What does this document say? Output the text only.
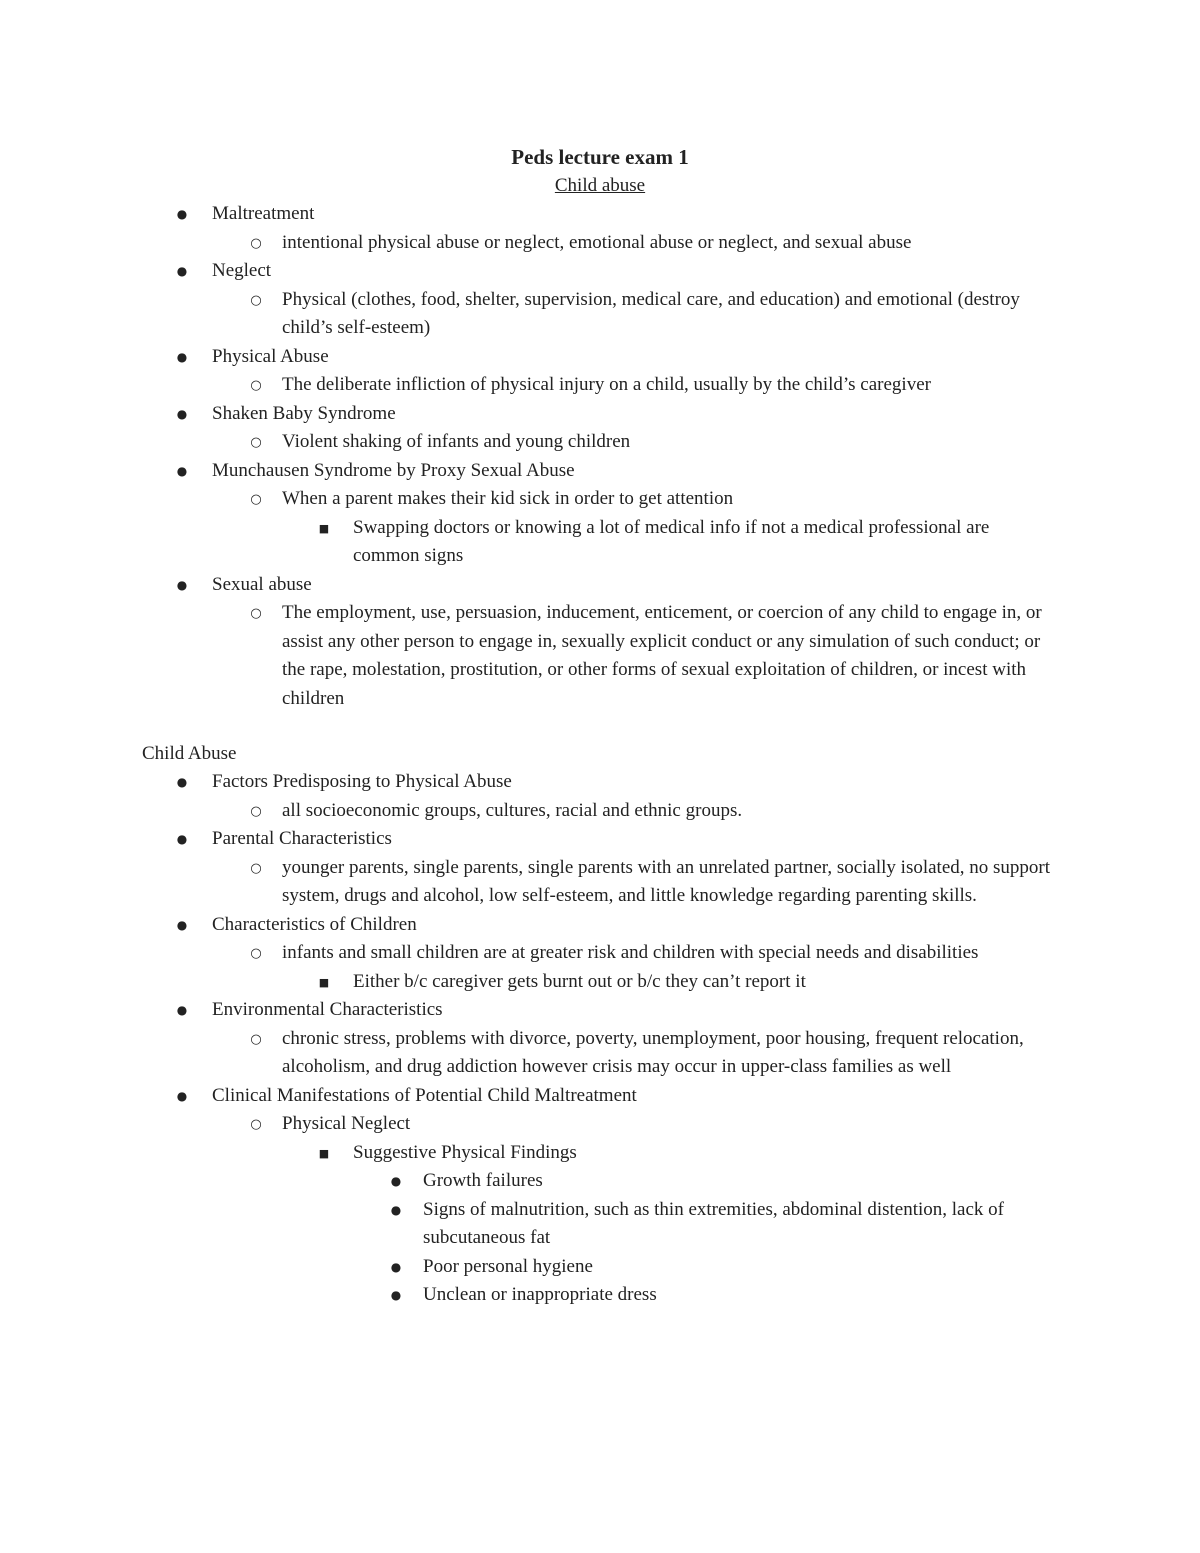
Peds lecture exam 1
Child abuse
●
Maltreatment
○
intentional physical abuse or neglect, emotional abuse or neglect, and sexual abuse
●
Neglect
○
Physical (clothes, food, shelter, supervision, medical care, and education) and emotional (destroy child’s self-esteem)
●
Physical Abuse
○
The deliberate infliction of physical injury on a child, usually by the child’s caregiver
●
Shaken Baby Syndrome
○
Violent shaking of infants and young children
●
Munchausen Syndrome by Proxy Sexual Abuse
○
When a parent makes their kid sick in order to get attention
■
Swapping doctors or knowing a lot of medical info if not a medical professional are common signs
●
Sexual abuse
○
The employment, use, persuasion, inducement, enticement, or coercion of any child to engage in, or assist any other person to engage in, sexually explicit conduct or any simulation of such conduct; or the rape, molestation, prostitution, or other forms of sexual exploitation of children, or incest with children
Child Abuse
●
Factors Predisposing to Physical Abuse
○
all socioeconomic groups, cultures, racial and ethnic groups.
●
Parental Characteristics
○
younger parents, single parents, single parents with an unrelated partner, socially isolated, no support system, drugs and alcohol, low self-esteem, and little knowledge regarding parenting skills.
●
Characteristics of Children
○
infants and small children are at greater risk and children with special needs and disabilities
■
Either b/c caregiver gets burnt out or b/c they can’t report it
●
Environmental Characteristics
○
chronic stress, problems with divorce, poverty, unemployment, poor housing, frequent relocation, alcoholism, and drug addiction however crisis may occur in upper-class families as well
●
Clinical Manifestations of Potential Child Maltreatment
○
Physical Neglect
■
Suggestive Physical Findings
●
Growth failures
●
Signs of malnutrition, such as thin extremities, abdominal distention, lack of subcutaneous fat
●
Poor personal hygiene
●
Unclean or inappropriate dress
